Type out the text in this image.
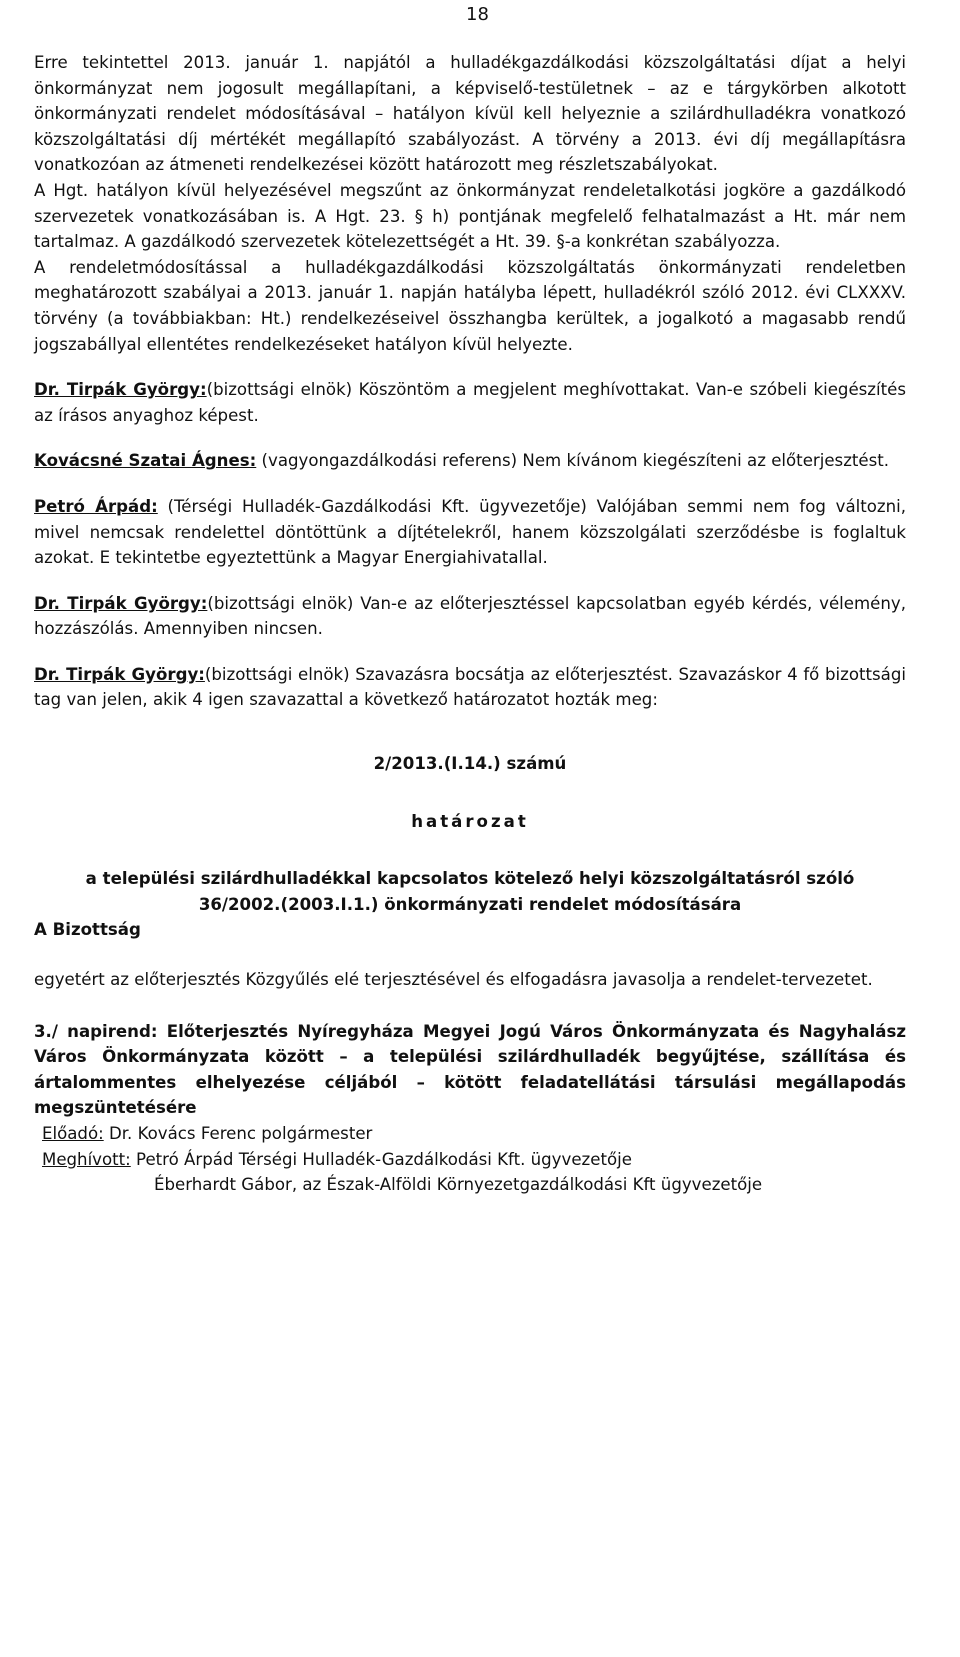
18

Erre tekintettel 2013. január 1. napjától a hulladékgazdálkodási közszolgáltatási díjat a helyi önkormányzat nem jogosult megállapítani, a képviselő-testületnek – az e tárgykörben alkotott önkormányzati rendelet módosításával – hatályon kívül kell helyeznie a szilárdhulladékra vonatkozó közszolgáltatási díj mértékét megállapító szabályozást. A törvény a 2013. évi díj megállapításra vonatkozóan az átmeneti rendelkezései között határozott meg részletszabályokat.

A Hgt. hatályon kívül helyezésével megszűnt az önkormányzat rendeletalkotási jogköre a gazdálkodó szervezetek vonatkozásában is. A Hgt. 23. § h) pontjának megfelelő felhatalmazást a Ht. már nem tartalmaz. A gazdálkodó szervezetek kötelezettségét a Ht. 39. §-a konkrétan szabályozza.

A rendeletmódosítással a hulladékgazdálkodási közszolgáltatás önkormányzati rendeletben meghatározott szabályai a 2013. január 1. napján hatályba lépett, hulladékról szóló 2012. évi CLXXXV. törvény (a továbbiakban: Ht.) rendelkezéseivel összhangba kerültek, a jogalkotó a magasabb rendű jogszabállyal ellentétes rendelkezéseket hatályon kívül helyezte.

Dr. Tirpák György:(bizottsági elnök) Köszöntöm a megjelent meghívottakat. Van-e szóbeli kiegészítés az írásos anyaghoz képest.

Kovácsné Szatai Ágnes: (vagyongazdálkodási referens) Nem kívánom kiegészíteni az előterjesztést.

Petró Árpád: (Térségi Hulladék-Gazdálkodási Kft. ügyvezetője) Valójában semmi nem fog változni, mivel nemcsak rendelettel döntöttünk a díjtételekről, hanem közszolgálati szerződésbe is foglaltuk azokat. E tekintetbe egyeztettünk a Magyar Energiahivatallal.

Dr. Tirpák György:(bizottsági elnök) Van-e az előterjesztéssel kapcsolatban egyéb kérdés, vélemény, hozzászólás. Amennyiben nincsen.

Dr. Tirpák György:(bizottsági elnök) Szavazásra bocsátja az előterjesztést. Szavazáskor 4 fő bizottsági tag van jelen, akik 4 igen szavazattal a következő határozatot hozták meg:

2/2013.(I.14.) számú

határozat

a települési szilárdhulladékkal kapcsolatos kötelező helyi közszolgáltatásról szóló

36/2002.(2003.I.1.) önkormányzati rendelet módosítására

A Bizottság

egyetért az előterjesztés Közgyűlés elé terjesztésével és elfogadásra javasolja a rendelet-tervezetet.

3./ napirend: Előterjesztés Nyíregyháza Megyei Jogú Város Önkormányzata és Nagyhalász Város Önkormányzata között – a települési szilárdhulladék begyűjtése, szállítása és ártalommentes elhelyezése céljából – kötött feladatellátási társulási megállapodás megszüntetésére

Előadó: Dr. Kovács Ferenc polgármester

Meghívott: Petró Árpád Térségi Hulladék-Gazdálkodási Kft. ügyvezetője

Éberhardt Gábor, az Észak-Alföldi Környezetgazdálkodási Kft ügyvezetője
